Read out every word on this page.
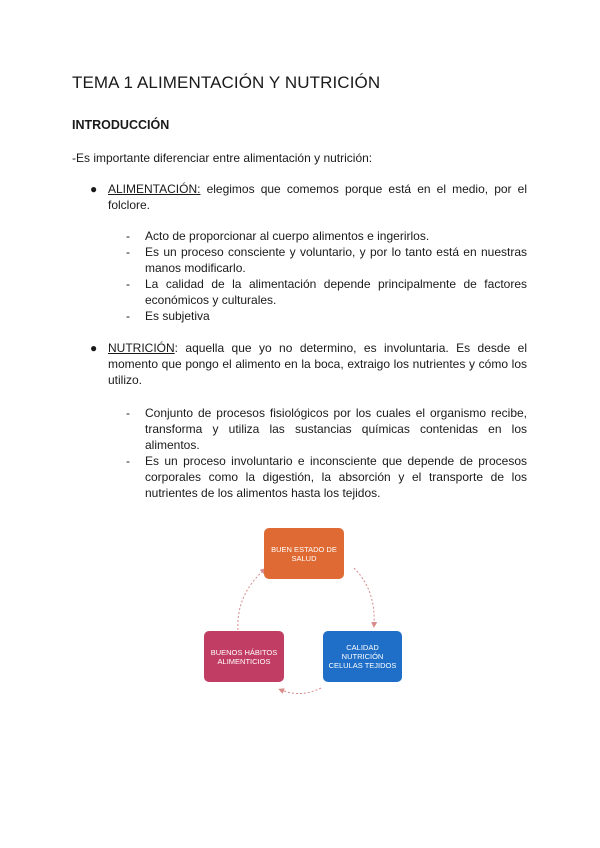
TEMA 1 ALIMENTACIÓN Y NUTRICIÓN
INTRODUCCIÓN

-Es importante diferenciar entre alimentación y nutrición:

● ALIMENTACIÓN: elegimos que comemos porque está en el medio, por el folclore.

- Acto de proporcionar al cuerpo alimentos e ingerirlos.
- Es un proceso consciente y voluntario, y por lo tanto está en nuestras manos modificarlo.
- La calidad de la alimentación depende principalmente de factores económicos y culturales.
- Es subjetiva
● NUTRICIÓN: aquella que yo no determino, es involuntaria. Es desde el momento que pongo el alimento en la boca, extraigo los nutrientes y cómo los utilizo.

- Conjunto de procesos fisiológicos por los cuales el organismo recibe, transforma y utiliza las sustancias químicas contenidas en los alimentos.
- Es un proceso involuntario e inconsciente que depende de procesos corporales como la digestión, la absorción y el transporte de los nutrientes de los alimentos hasta los tejidos.
BUEN ESTADO DE SALUD
CALIDAD
NUTRICIÓN
CELULAS TEJIDOS
BUENOS HÁBITOS
ALIMENTICIOS
